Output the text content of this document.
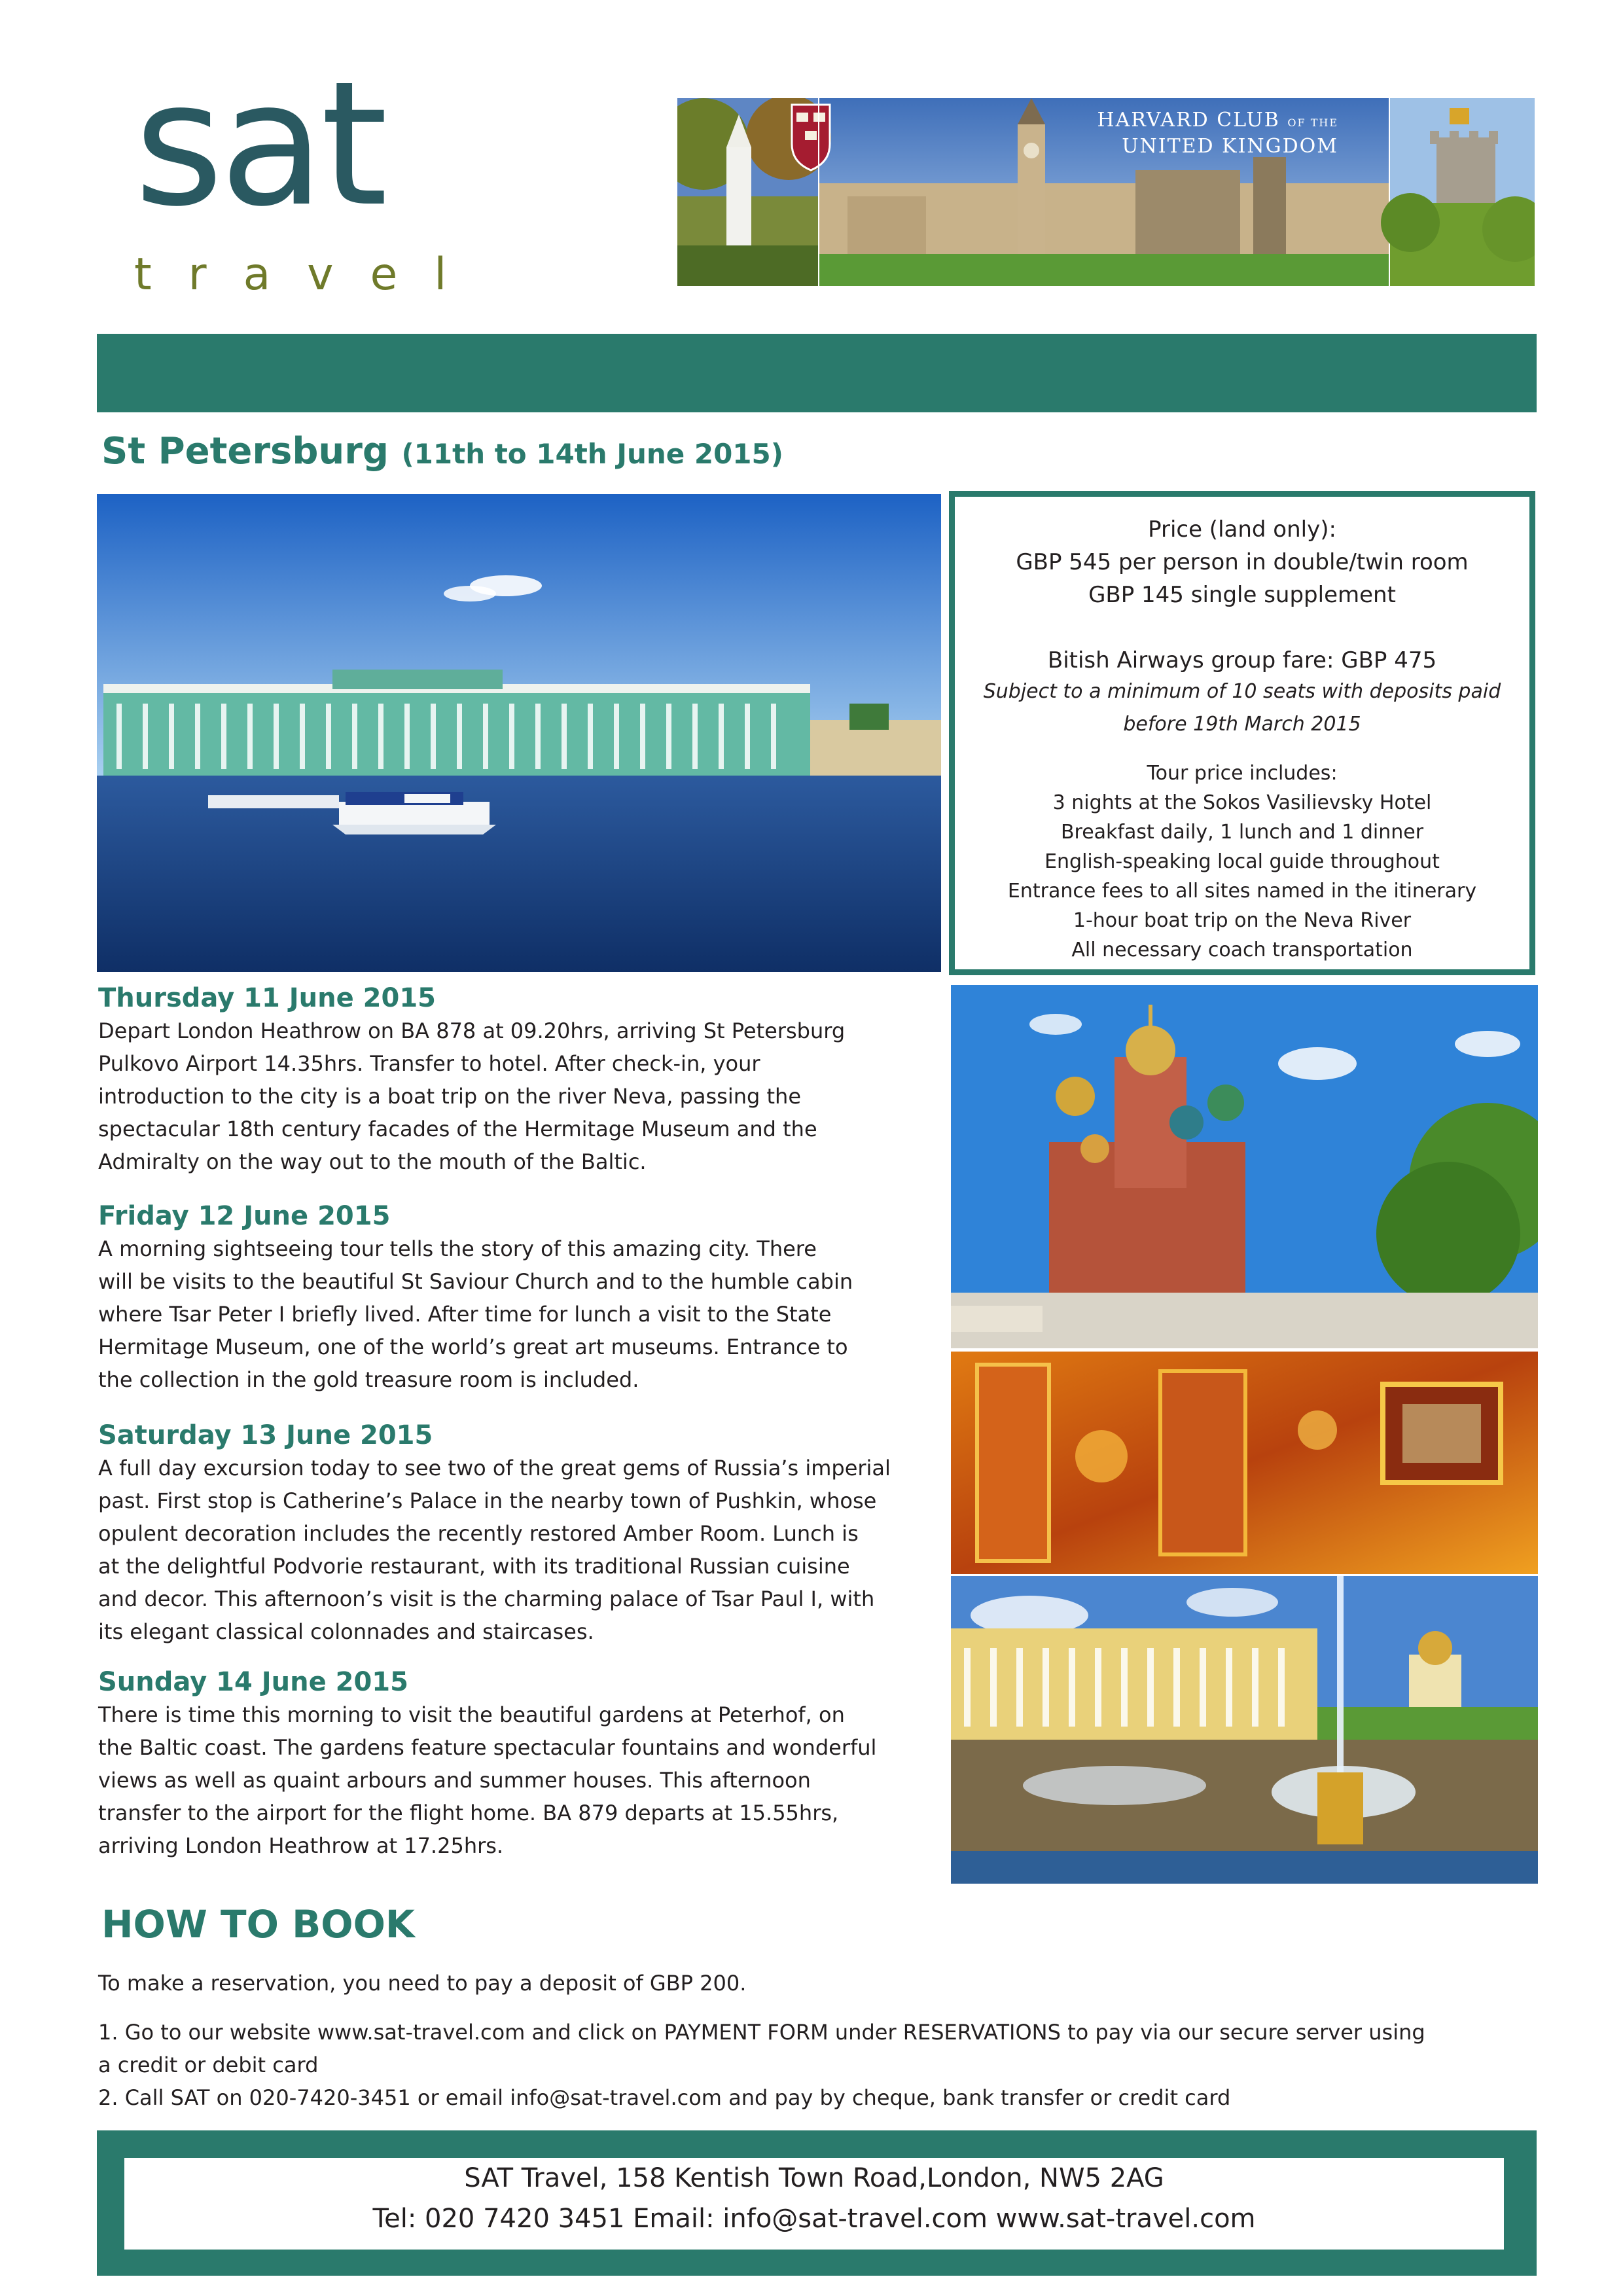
sat
travel
HARVARD CLUB OF THE
UNITED KINGDOM
St Petersburg (11th to 14th June 2015)
Price (land only):
GBP 545 per person in double/twin room
GBP 145 single supplement
Bitish Airways group fare: GBP 475
Subject to a minimum of 10 seats with deposits paid
before 19th March 2015
Tour price includes:
3 nights at the Sokos Vasilievsky Hotel
Breakfast daily, 1 lunch and 1 dinner
English-speaking local guide throughout
Entrance fees to all sites named in the itinerary
1-hour boat trip on the Neva River
All necessary coach transportation
Thursday 11 June 2015
Depart London Heathrow on BA 878 at 09.20hrs, arriving St Petersburg
Pulkovo Airport 14.35hrs. Transfer to hotel. After check-in, your
introduction to the city is a boat trip on the river Neva, passing the
spectacular 18th century facades of the Hermitage Museum and the
Admiralty on the way out to the mouth of the Baltic.
Friday 12 June 2015
A morning sightseeing tour tells the story of this amazing city. There
will be visits to the beautiful St Saviour Church and to the humble cabin
where Tsar Peter I briefly lived. After time for lunch a visit to the State
Hermitage Museum, one of the world’s great art museums. Entrance to
the collection in the gold treasure room is included.
Saturday 13 June 2015
A full day excursion today to see two of the great gems of Russia’s imperial
past. First stop is Catherine’s Palace in the nearby town of Pushkin, whose
opulent decoration includes the recently restored Amber Room. Lunch is
at the delightful Podvorie restaurant, with its traditional Russian cuisine
and decor. This afternoon’s visit is the charming palace of Tsar Paul I, with
its elegant classical colonnades and staircases.
Sunday 14 June 2015
There is time this morning to visit the beautiful gardens at Peterhof, on
the Baltic coast. The gardens feature spectacular fountains and wonderful
views as well as quaint arbours and summer houses. This afternoon
transfer to the airport for the flight home. BA 879 departs at 15.55hrs,
arriving London Heathrow at 17.25hrs.
HOW TO BOOK
To make a reservation, you need to pay a deposit of GBP 200.
1. Go to our website www.sat-travel.com and click on PAYMENT FORM under RESERVATIONS to pay via our secure server using
a credit or debit card
2. Call SAT on 020-7420-3451 or email info@sat-travel.com and pay by cheque, bank transfer or credit card
SAT Travel, 158 Kentish Town Road,London, NW5 2AG
Tel: 020 7420 3451 Email: info@sat-travel.com www.sat-travel.com
